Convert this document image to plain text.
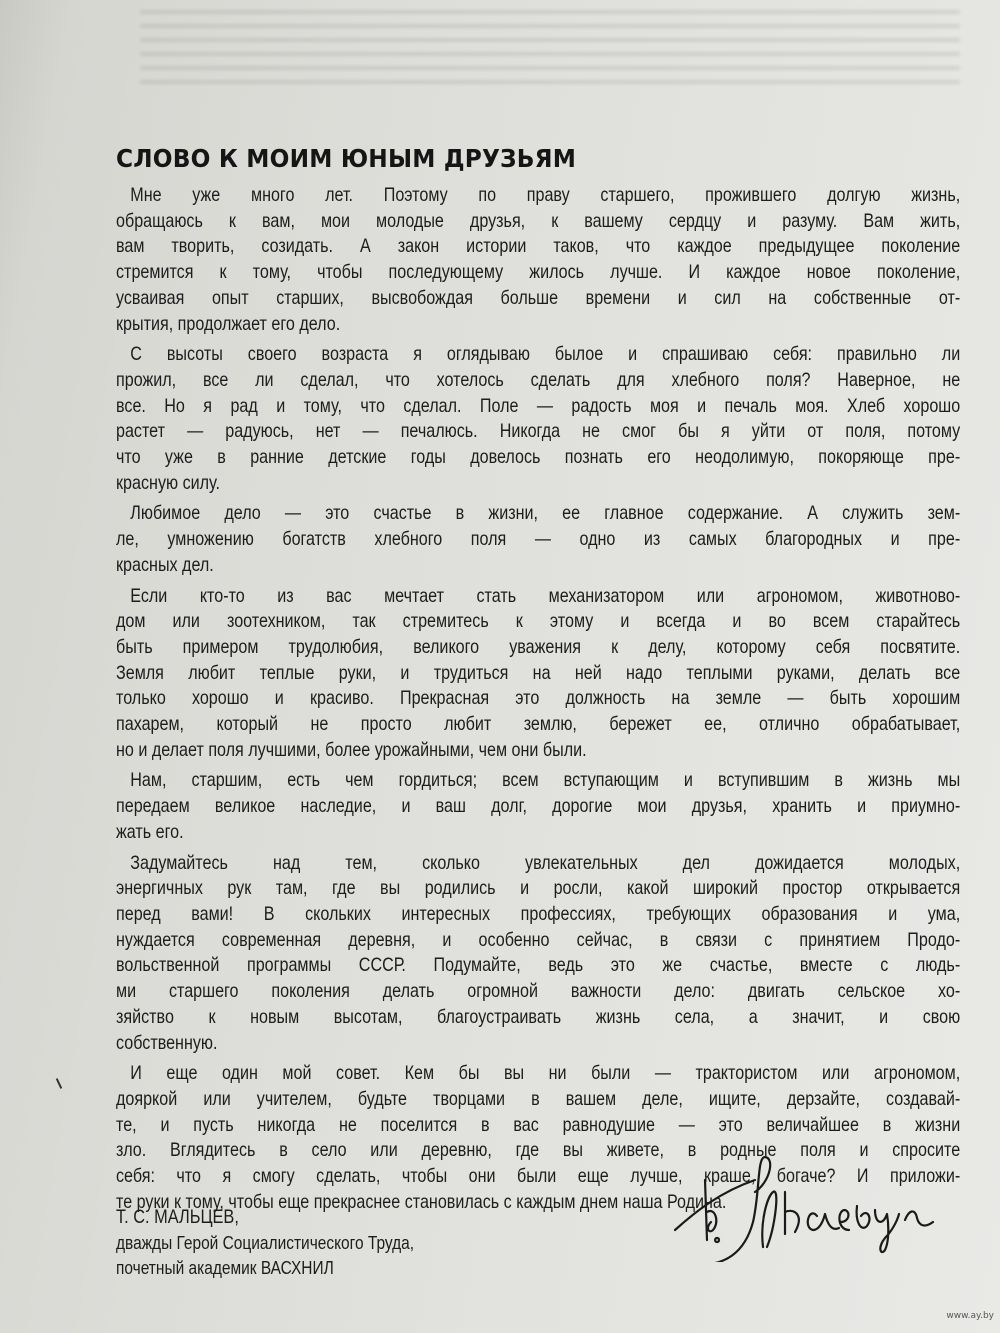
СЛОВО К МОИМ ЮНЫМ ДРУЗЬЯМ
Мне уже много лет. Поэтому по праву старшего, прожившего долгую жизнь,
обращаюсь к вам, мои молодые друзья, к вашему сердцу и разуму. Вам жить,
вам творить, созидать. А закон истории таков, что каждое предыдущее поколение
стремится к тому, чтобы последующему жилось лучше. И каждое новое поколение,
усваивая опыт старших, высвобождая больше времени и сил на собственные от-
крытия, продолжает его дело.
С высоты своего возраста я оглядываю былое и спрашиваю себя: правильно ли
прожил, все ли сделал, что хотелось сделать для хлебного поля? Наверное, не
все. Но я рад и тому, что сделал. Поле — радость моя и печаль моя. Хлеб хорошо
растет — радуюсь, нет — печалюсь. Никогда не смог бы я уйти от поля, потому
что уже в ранние детские годы довелось познать его неодолимую, покоряюще пре-
красную силу.
Любимое дело — это счастье в жизни, ее главное содержание. А служить зем-
ле, умножению богатств хлебного поля — одно из самых благородных и пре-
красных дел.
Если кто-то из вас мечтает стать механизатором или агрономом, животново-
дом или зоотехником, так стремитесь к этому и всегда и во всем старайтесь
быть примером трудолюбия, великого уважения к делу, которому себя посвятите.
Земля любит теплые руки, и трудиться на ней надо теплыми руками, делать все
только хорошо и красиво. Прекрасная это должность на земле — быть хорошим
пахарем, который не просто любит землю, бережет ее, отлично обрабатывает,
но и делает поля лучшими, более урожайными, чем они были.
Нам, старшим, есть чем гордиться; всем вступающим и вступившим в жизнь мы
передаем великое наследие, и ваш долг, дорогие мои друзья, хранить и приумно-
жать его.
Задумайтесь над тем, сколько увлекательных дел дожидается молодых,
энергичных рук там, где вы родились и росли, какой широкий простор открывается
перед вами! В скольких интересных профессиях, требующих образования и ума,
нуждается современная деревня, и особенно сейчас, в связи с принятием Продо-
вольственной программы СССР. Подумайте, ведь это же счастье, вместе с людь-
ми старшего поколения делать огромной важности дело: двигать сельское хо-
зяйство к новым высотам, благоустраивать жизнь села, а значит, и свою
собственную.
И еще один мой совет. Кем бы вы ни были — трактористом или агрономом,
дояркой или учителем, будьте творцами в вашем деле, ищите, дерзайте, создавай-
те, и пусть никогда не поселится в вас равнодушие — это величайшее в жизни
зло. Вглядитесь в село или деревню, где вы живете, в родные поля и спросите
себя: что я смогу сделать, чтобы они были еще лучше, краше, богаче? И приложи-
те руки к тому, чтобы еще прекраснее становилась с каждым днем наша Родина.
Т. С. МАЛЬЦЕВ,
дважды Герой Социалистического Труда,
почетный академик ВАСХНИЛ
www.ay.by
